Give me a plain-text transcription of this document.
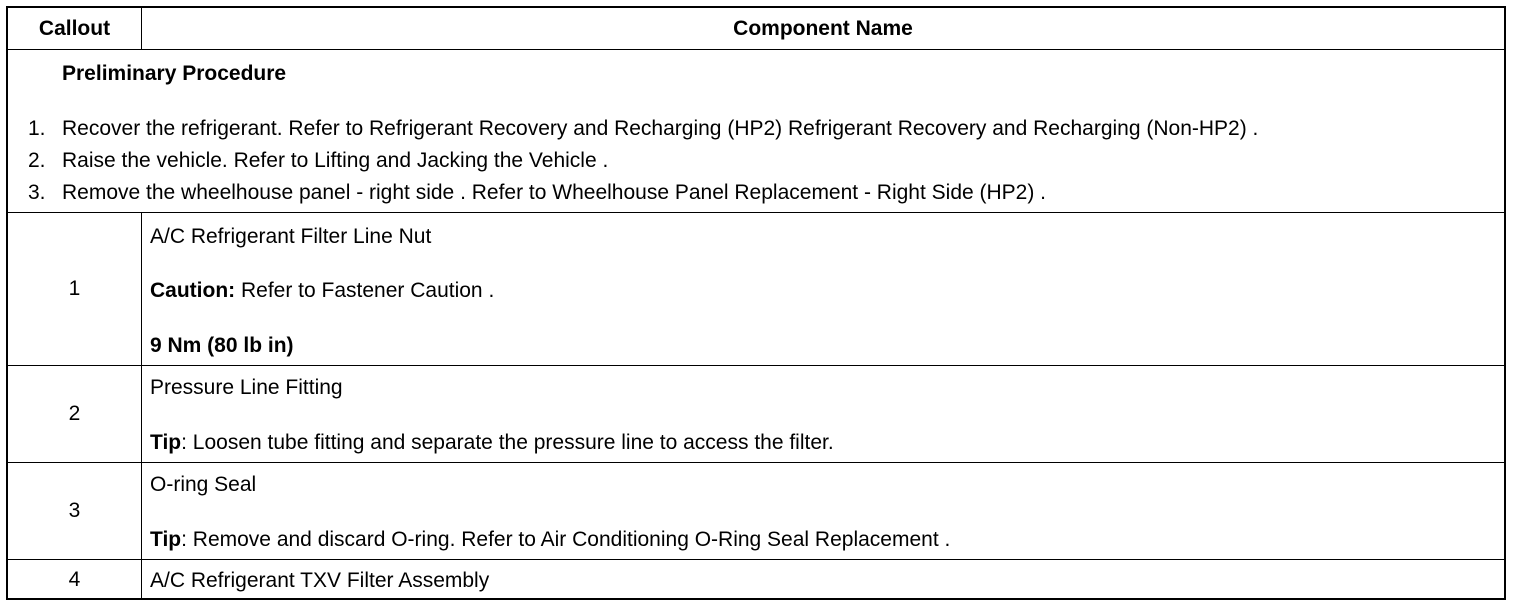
Callout	Component Name
Preliminary Procedure
1. Recover the refrigerant. Refer to Refrigerant Recovery and Recharging (HP2) Refrigerant Recovery and Recharging (Non-HP2) .
2. Raise the vehicle. Refer to Lifting and Jacking the Vehicle .
3. Remove the wheelhouse panel - right side . Refer to Wheelhouse Panel Replacement - Right Side (HP2) .
1
A/C Refrigerant Filter Line Nut
Caution: Refer to Fastener Caution .
9 Nm (80 lb in)
2
Pressure Line Fitting
Tip: Loosen tube fitting and separate the pressure line to access the filter.
3
O-ring Seal
Tip: Remove and discard O-ring. Refer to Air Conditioning O-Ring Seal Replacement .
4	A/C Refrigerant TXV Filter Assembly
